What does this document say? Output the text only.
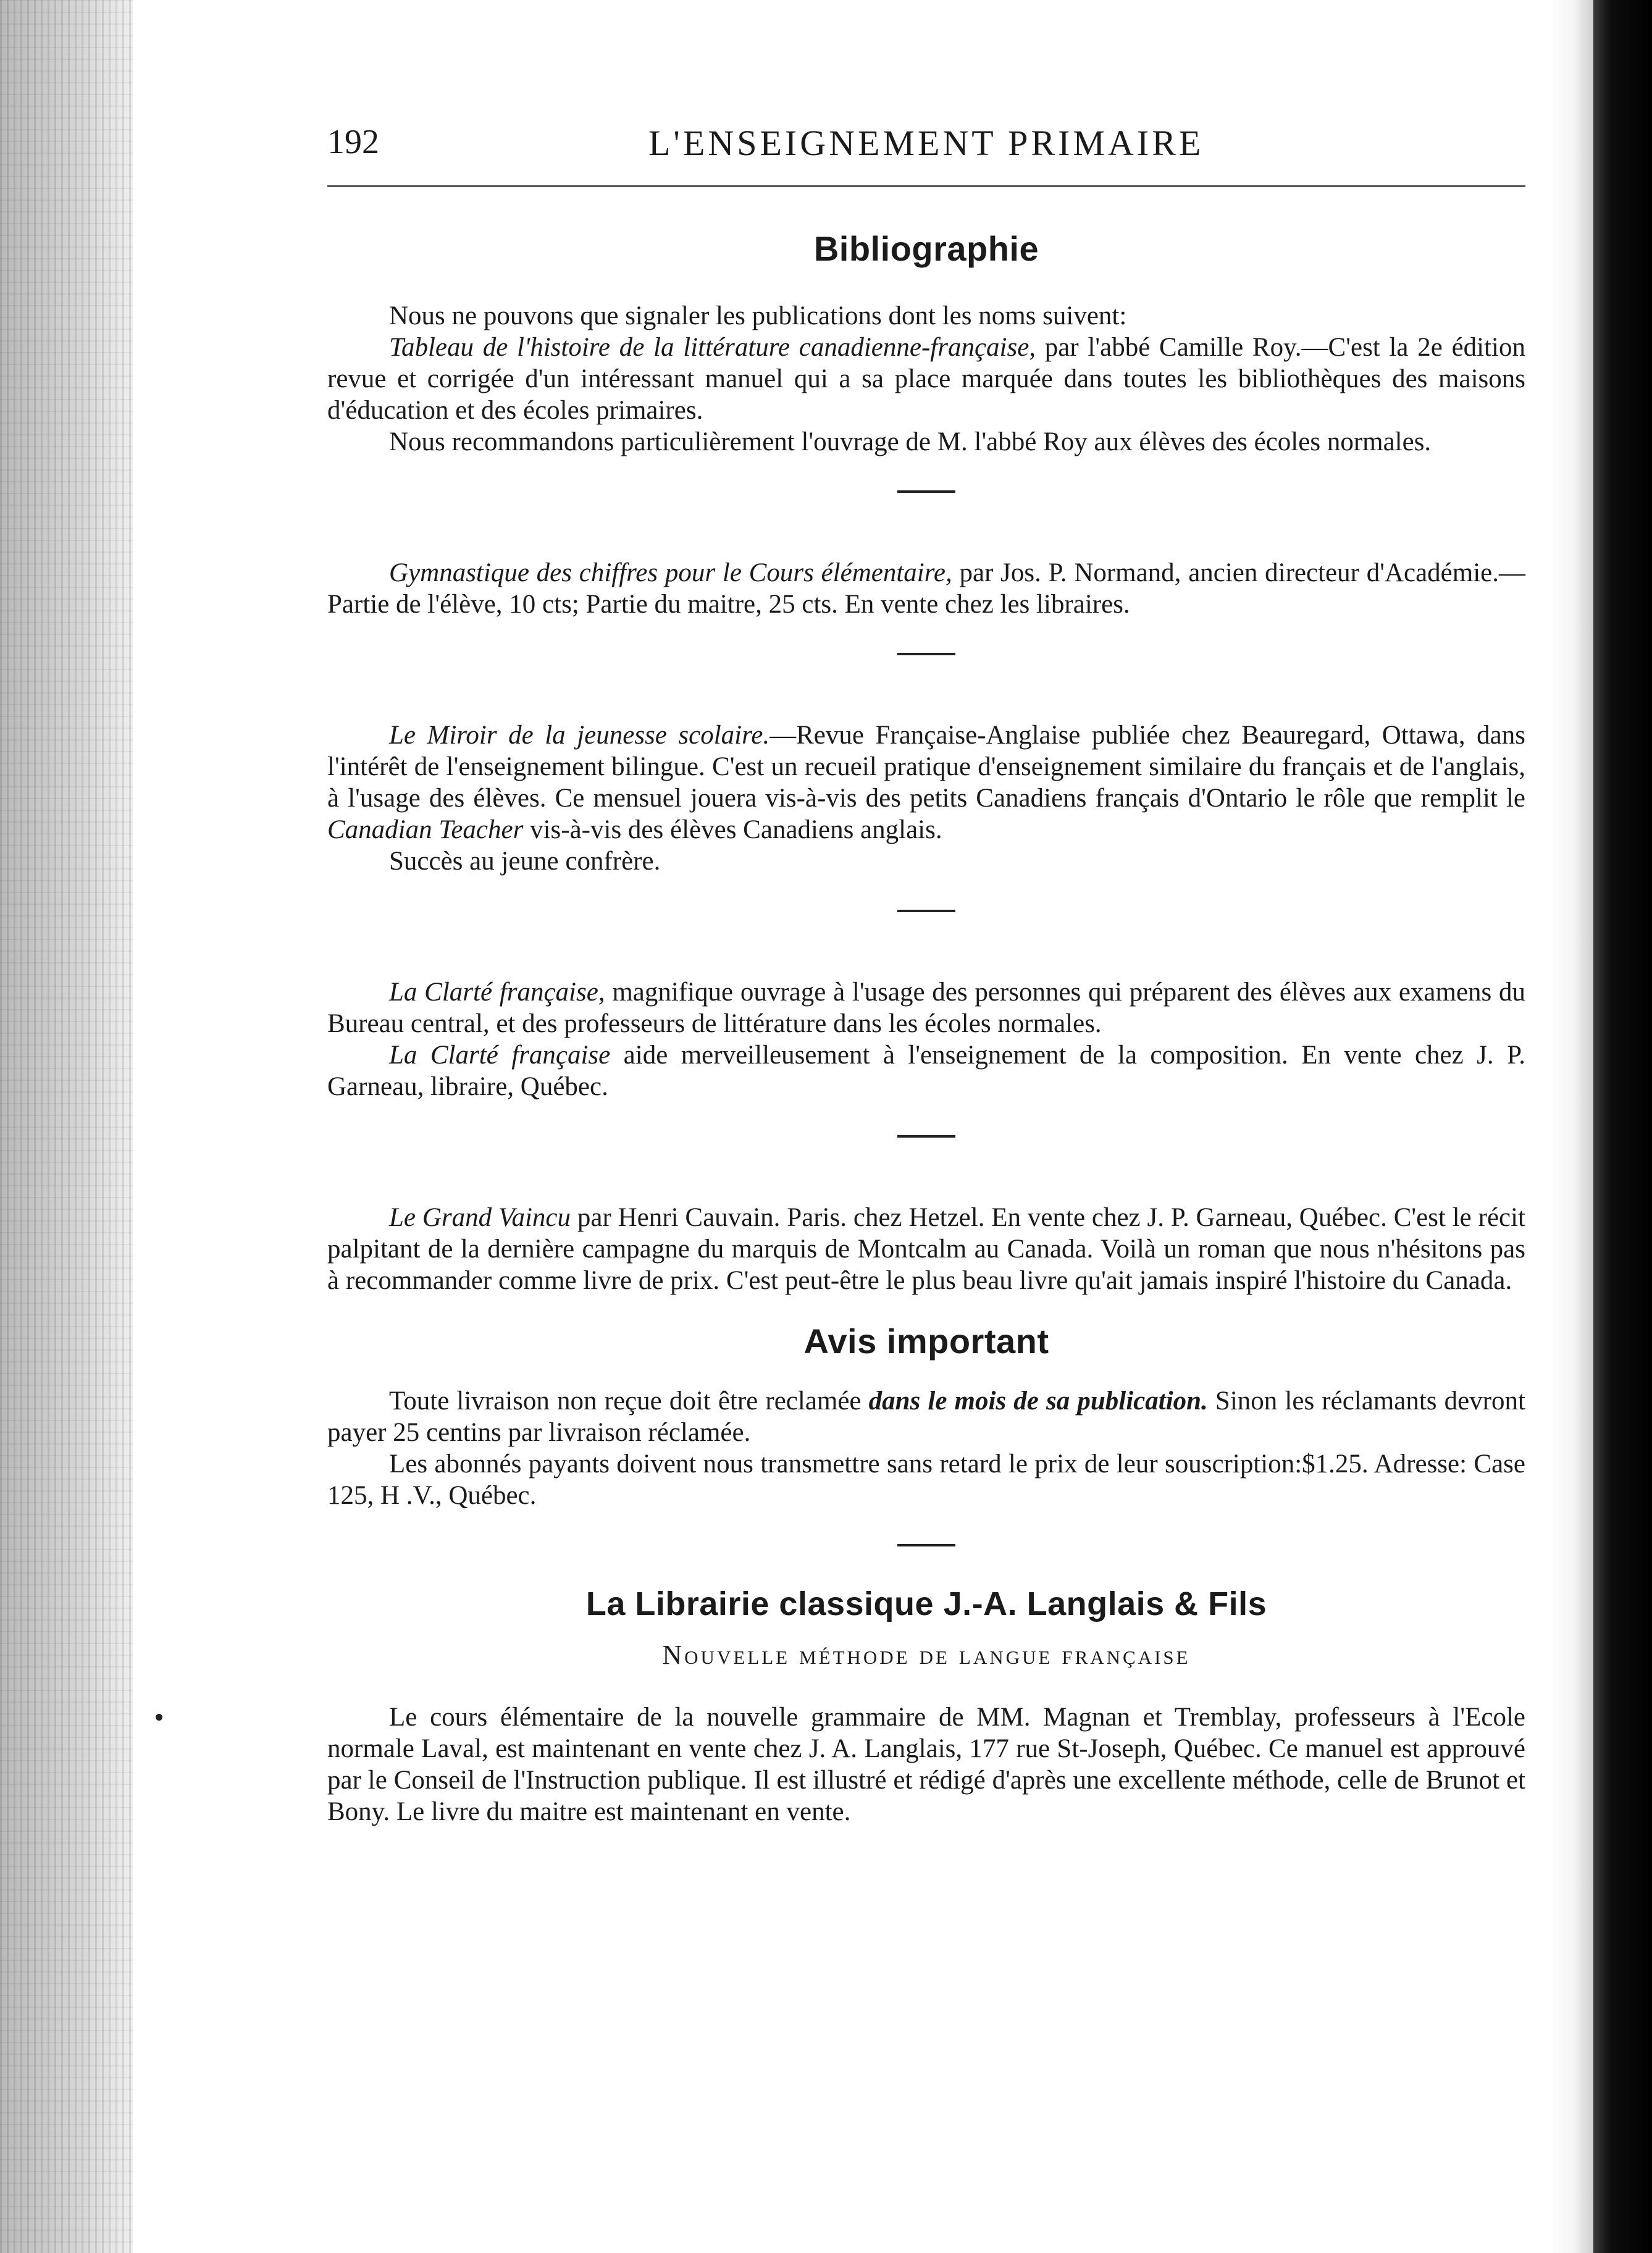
192	L'ENSEIGNEMENT PRIMAIRE
Bibliographie

Nous ne pouvons que signaler les publications dont les noms suivent:

Tableau de l'histoire de la littérature canadienne-française, par l'abbé Camille Roy.—C'est la 2e édition revue et corrigée d'un intéressant manuel qui a sa place marquée dans toutes les bibliothèques des maisons d'éducation et des écoles primaires.

Nous recommandons particulièrement l'ouvrage de M. l'abbé Roy aux élèves des écoles normales.

Gymnastique des chiffres pour le Cours élémentaire, par Jos. P. Normand, ancien directeur d'Académie.—Partie de l'élève, 10 cts; Partie du maitre, 25 cts. En vente chez les libraires.

Le Miroir de la jeunesse scolaire.—Revue Française-Anglaise publiée chez Beauregard, Ottawa, dans l'intérêt de l'enseignement bilingue. C'est un recueil pratique d'enseignement similaire du français et de l'anglais, à l'usage des élèves. Ce mensuel jouera vis-à-vis des petits Canadiens français d'Ontario le rôle que remplit le Canadian Teacher vis-à-vis des élèves Canadiens anglais.

Succès au jeune confrère.

La Clarté française, magnifique ouvrage à l'usage des personnes qui préparent des élèves aux examens du Bureau central, et des professeurs de littérature dans les écoles normales.

La Clarté française aide merveilleusement à l'enseignement de la composition. En vente chez J. P. Garneau, libraire, Québec.

Le Grand Vaincu par Henri Cauvain. Paris. chez Hetzel. En vente chez J. P. Garneau, Québec. C'est le récit palpitant de la dernière campagne du marquis de Montcalm au Canada. Voilà un roman que nous n'hésitons pas à recommander comme livre de prix. C'est peut-être le plus beau livre qu'ait jamais inspiré l'histoire du Canada.

Avis important

Toute livraison non reçue doit être reclamée dans le mois de sa publication. Sinon les réclamants devront payer 25 centins par livraison réclamée.

Les abonnés payants doivent nous transmettre sans retard le prix de leur souscription:$1.25. Adresse: Case 125, H .V., Québec.

La Librairie classique J.-A. Langlais & Fils

Nouvelle méthode de langue française

Le cours élémentaire de la nouvelle grammaire de MM. Magnan et Tremblay, professeurs à l'Ecole normale Laval, est maintenant en vente chez J. A. Langlais, 177 rue St-Joseph, Québec. Ce manuel est approuvé par le Conseil de l'Instruction publique. Il est illustré et rédigé d'après une excellente méthode, celle de Brunot et Bony. Le livre du maitre est maintenant en vente.
